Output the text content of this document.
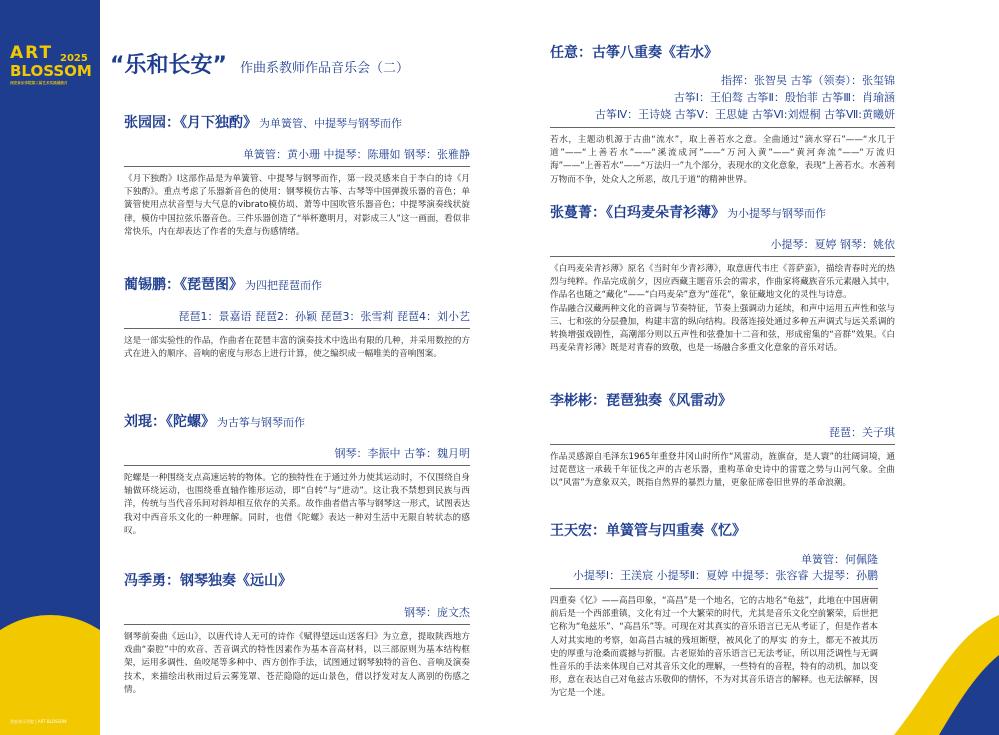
ART 2025
BLOSSOM
西安音乐学院第三届艺术实践展演月
西安音乐学院 | ART BLOSSOM
“乐和长安” 作曲系教师作品音乐会（二）
张园园：《月下独酌》 为单簧管、中提琴与钢琴而作
单簧管：黄小珊 中提琴：陈珊如 钢琴：张雅静
《月下独酌》Ⅰ这部作品是为单簧管、中提琴与钢琴而作，第一段灵感来自于李白的诗《月下独酌》。重点考虑了乐器新音色的使用：钢琴模仿古筝、古琴等中国弹拨乐器的音色；单簧管使用点状音型与大气息的vibrato模仿埙、萧等中国吹管乐器音色；中提琴演奏线状旋律，模仿中国拉弦乐器音色。三件乐器创造了“举杯邀明月，对影成三人”这一画面，看似非常快乐，内在却表达了作者的失意与伤感情绪。
蔺锡鹏：《琵琶图》 为四把琵琶而作
琵琶1：景嘉语 琵琶2：孙颖 琵琶3：张雪莉 琵琶4：刘小艺
这是一部实验性的作品，作曲者在琵琶丰富的演奏技术中选出有限的几种，并采用数控的方式在进入的顺序、音响的密度与形态上进行计算，使之编织成一幅唯美的音响图案。
刘琨：《陀螺》 为古筝与钢琴而作
钢琴：李振中 古筝：魏月明
陀螺是一种围绕支点高速运转的物体。它的独特性在于通过外力使其运动时，不仅围绕自身轴做环绕运动，也围绕垂直轴作锥形运动，即“自转”与“进动”。这让我不禁想到民族与西洋，传统与当代音乐间对斜却相互依存的关系。故作曲者借古筝与钢琴这一形式，试图表达我对中西音乐文化的一种理解。同时，也借《陀螺》表达一种对生活中无限自转状态的感叹。
冯季勇：钢琴独奏《远山》
钢琴：庞文杰
钢琴前奏曲《远山》，以唐代诗人无可的诗作《赋得望远山送客归》为立意，提取陕西地方戏曲“秦腔”中的欢音、苦音调式的特性因素作为基本音高材料，以三部原则为基本结构框架，运用多调性、鱼咬尾等多种中、西方创作手法，试图通过钢琴独特的音色、音响及演奏技术，来描绘出秋雨过后云雾笼罩、苍茫隐隐的远山景色，借以抒发对友人离别的伤感之情。
任意：古筝八重奏《若水》
指挥：张智昊 古筝（领奏）：张玺锦
古筝Ⅰ：王伯骜 古筝Ⅱ：殷怡菲 古筝Ⅲ：肖瑜涵
古筝Ⅳ：王诗娆 古筝Ⅴ：王思婕 古筝Ⅵ:刘煜桐 古筝Ⅶ:黄曦妍
若水，主题动机源于古曲“流水”，取上善若水之意。全曲通过“滴水穿石”——“水几于道”——“上善若水”——“溪流成河”——“万河入黄”——“黄河奔流”——“万流归海”——“上善若水”——“万法归一”九个部分，表现水的文化意象，表现“上善若水。水善利万物而不争，处众人之所恶，故几于道”的精神世界。
张蔓菁：《白玛麦朵青衫薄》 为小提琴与钢琴而作
小提琴：夏婷 钢琴：姚依
《白玛麦朵青衫薄》原名《当时年少青衫薄》，取意唐代韦庄《菩萨蛮》，描绘青春时光的热烈与纯粹。作品完成前夕，因应西藏主题音乐会的需求，作曲家将藏族音乐元素融入其中，作品名也随之“藏化”——“白玛麦朵”意为“莲花”，象征藏地文化的灵性与诗意。
作品融合汉藏两种文化的音调与节奏特征，节奏上强调动力延续，和声中运用五声性和弦与三、七和弦的分层叠加，构建丰富的纵向结构。段落连接处通过多种五声调式与远关系调的转换增强戏剧性，高潮部分则以五声性和弦叠加十二音和弦，形成密集的“音群”效果。《白玛麦朵青衫薄》既是对青春的致敬，也是一场融合多重文化意象的音乐对话。
李彬彬：琵琶独奏《风雷动》
琵琶：关子琪
作品灵感源自毛泽东1965年重登井冈山时所作“风雷动，旌旗奋，是人寰”的壮阔词境，通过琵琶这一承载千年征伐之声的古老乐器，重构革命史诗中的雷霆之势与山河气象。全曲以“风雷”为意象双关，既指自然界的暴烈力量，更象征席卷旧世界的革命浪潮。
王天宏：单簧管与四重奏《忆》
单簧管：何佩隆
小提琴Ⅰ：王渼宸 小提琴Ⅱ：夏婷 中提琴：张容睿 大提琴：孙鹏
四重奏《忆》——高昌印象，“高昌”是一个地名，它的古地名“龟兹”，此地在中国唐朝前后是一个西部重镇，文化有过一个大繁荣的时代，尤其是音乐文化空前繁荣，后世把它称为“龟兹乐”、“高昌乐”等。可现在对其真实的音乐语言已无从考证了，但是作者本人对其实地的考察，如高昌古城的残垣断壁，被风化了的厚实 的夯土，都无不被其历史的厚重与沧桑而震撼与折服。古老原始的音乐语言已无法考证，所以用泛调性与无调性音乐的手法来体现自己对其音乐文化的理解，一些特有的音程，特有的动机，加以变形，意在表达自己对龟兹古乐敬仰的情怀，不为对其音乐语言的解释。也无法解释，因为它是一个迷。
